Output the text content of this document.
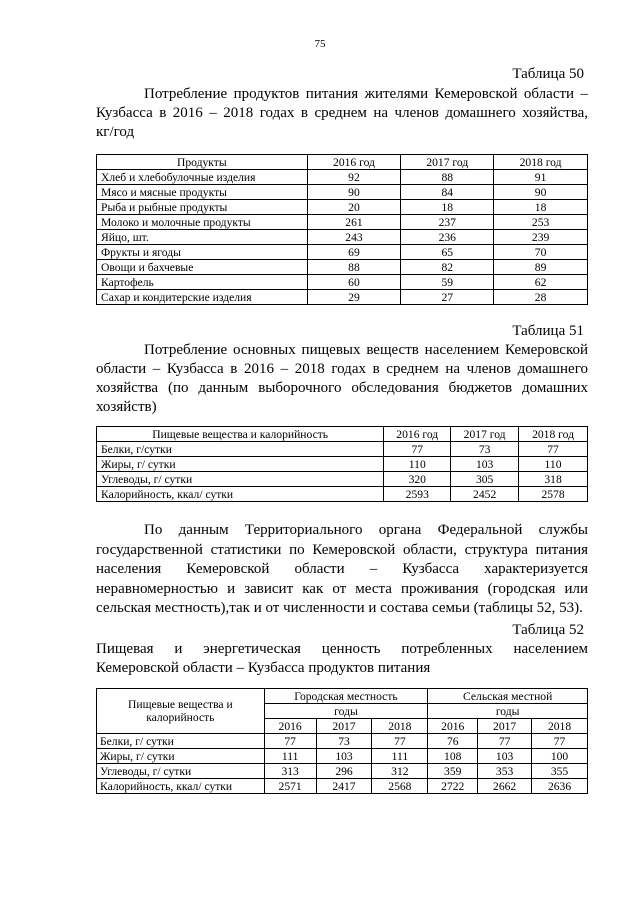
75
Таблица 50

Потребление продуктов питания жителями Кемеровской области –

Кузбасса в 2016 – 2018 годах в среднем на членов домашнего хозяйства,

кг/год

Продукты	2016 год	2017 год	2018 год
Хлеб и хлебобулочные изделия	92	88	91
Мясо и мясные продукты	90	84	90
Рыба и рыбные продукты	20	18	18
Молоко и молочные продукты	261	237	253
Яйцо, шт.	243	236	239
Фрукты и ягоды	69	65	70
Овощи и бахчевые	88	82	89
Картофель	60	59	62
Сахар и кондитерские изделия	29	27	28
Таблица 51

Потребление основных пищевых веществ населением Кемеровской области – Кузбасса в 2016 – 2018 годах в среднем на членов домашнего хозяйства (по данным выборочного обследования бюджетов домашних хозяйств)

Пищевые вещества и калорийность	2016 год	2017 год	2018 год
Белки, г/сутки	77	73	77
Жиры, г/ сутки	110	103	110
Углеводы, г/ сутки	320	305	318
Калорийность, ккал/ сутки	2593	2452	2578

По данным Территориального органа Федеральной службы государственной статистики по Кемеровской области, структура питания населения Кемеровской области – Кузбасса характеризуется неравномерностью и зависит как от места проживания (городская или сельская местность),так и от численности и состава семьи (таблицы 52, 53).

Таблица 52

Пищевая и энергетическая ценность потребленных населением

Кемеровской области – Кузбасса продуктов питания

Пищевые вещества и калорийность	Городская местность			Сельская местной		
	годы			годы		
	2016	2017	2018	2016	2017	2018
Белки, г/ сутки	77	73	77	76	77	77
Жиры, г/ сутки	111	103	111	108	103	100
Углеводы, г/ сутки	313	296	312	359	353	355
Калорийность, ккал/ сутки	2571	2417	2568	2722	2662	2636
